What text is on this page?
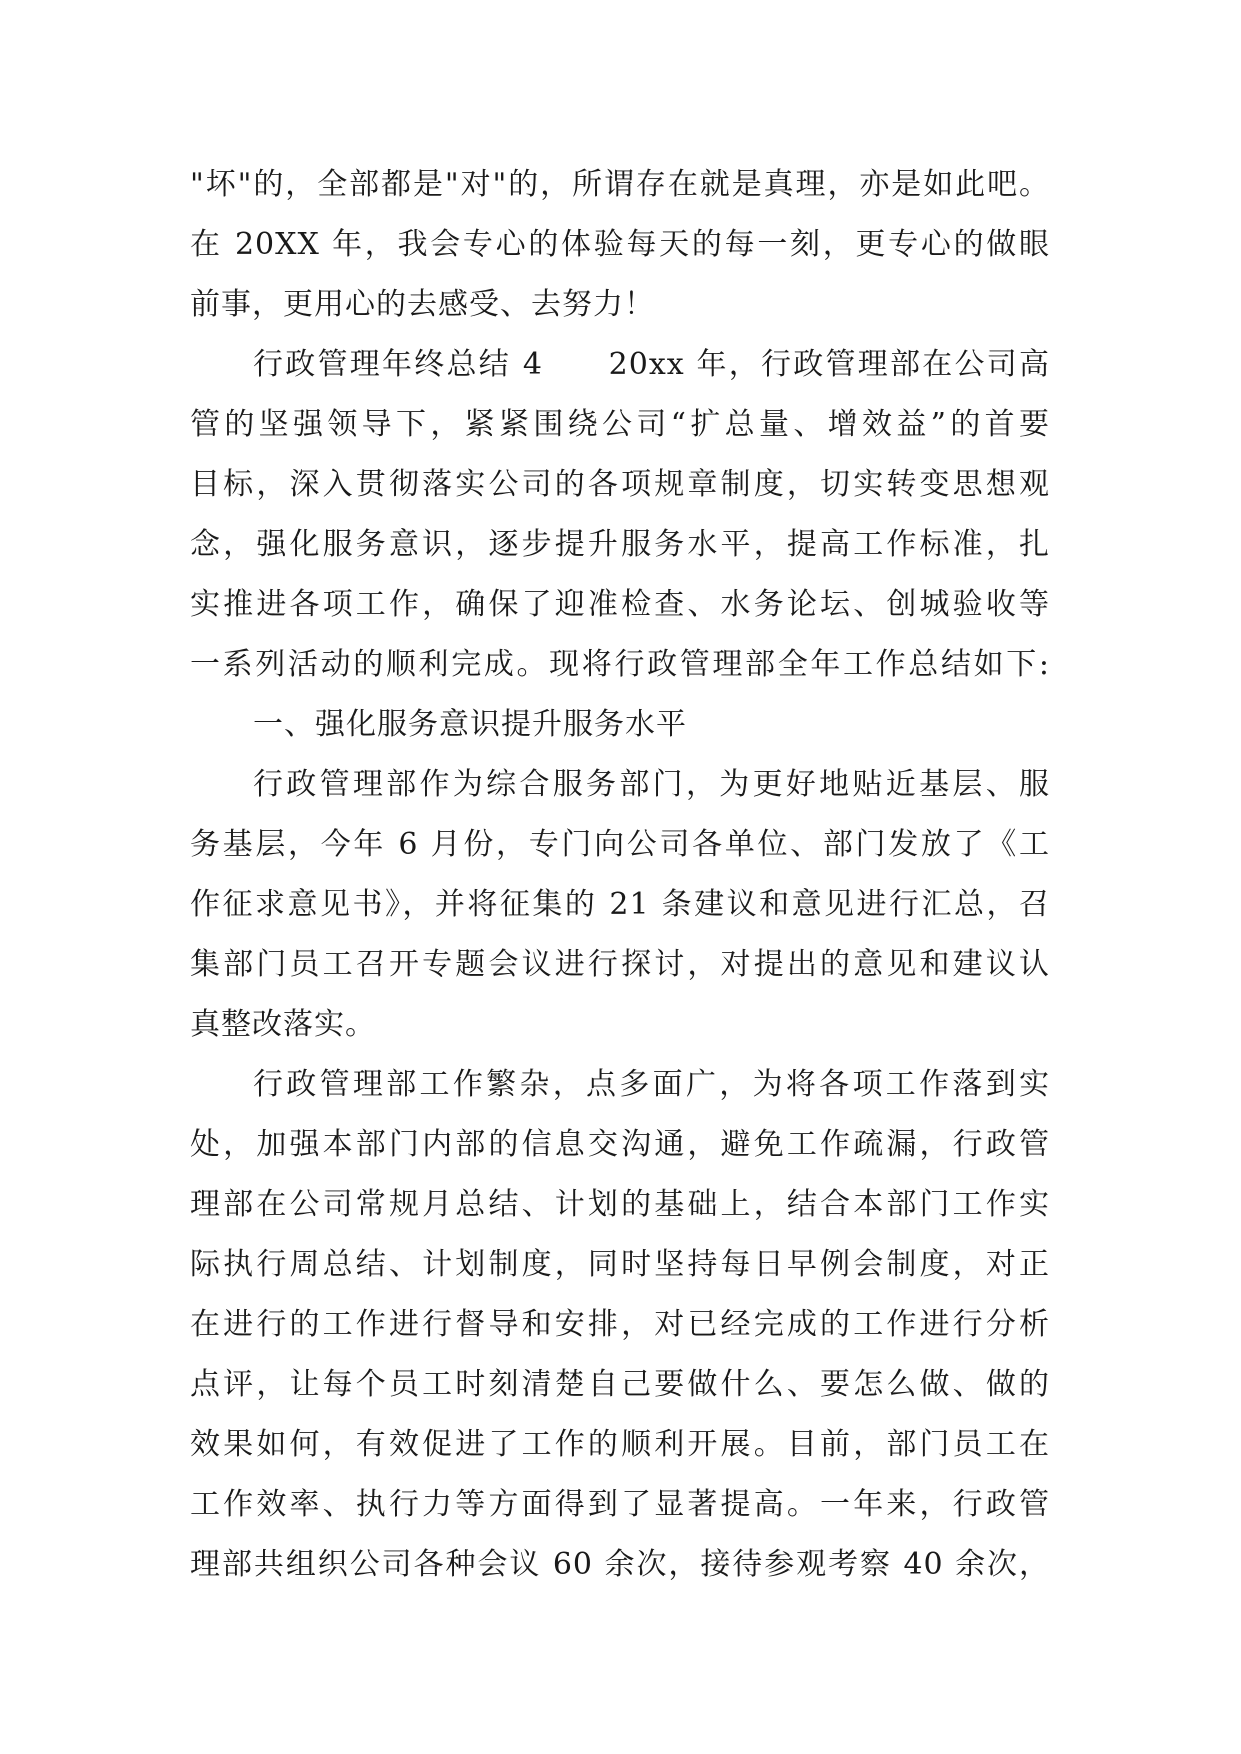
"坏"的，全部都是"对"的，所谓存在就是真理，亦是如此吧。
在 20XX 年，我会专心的体验每天的每一刻，更专心的做眼
前事，更用心的去感受、去努力！
行政管理年终总结 4　　20xx 年，行政管理部在公司高
管的坚强领导下，紧紧围绕公司“扩总量、增效益”的首要
目标，深入贯彻落实公司的各项规章制度，切实转变思想观
念，强化服务意识，逐步提升服务水平，提高工作标准，扎
实推进各项工作，确保了迎准检查、水务论坛、创城验收等
一系列活动的顺利完成。现将行政管理部全年工作总结如下:
一、强化服务意识提升服务水平
行政管理部作为综合服务部门，为更好地贴近基层、服
务基层，今年 6 月份，专门向公司各单位、部门发放了《工
作征求意见书》，并将征集的 21 条建议和意见进行汇总，召
集部门员工召开专题会议进行探讨，对提出的意见和建议认
真整改落实。
行政管理部工作繁杂，点多面广，为将各项工作落到实
处，加强本部门内部的信息交沟通，避免工作疏漏，行政管
理部在公司常规月总结、计划的基础上，结合本部门工作实
际执行周总结、计划制度，同时坚持每日早例会制度，对正
在进行的工作进行督导和安排，对已经完成的工作进行分析
点评，让每个员工时刻清楚自己要做什么、要怎么做、做的
效果如何，有效促进了工作的顺利开展。目前，部门员工在
工作效率、执行力等方面得到了显著提高。一年来，行政管
理部共组织公司各种会议 60 余次，接待参观考察 40 余次，
